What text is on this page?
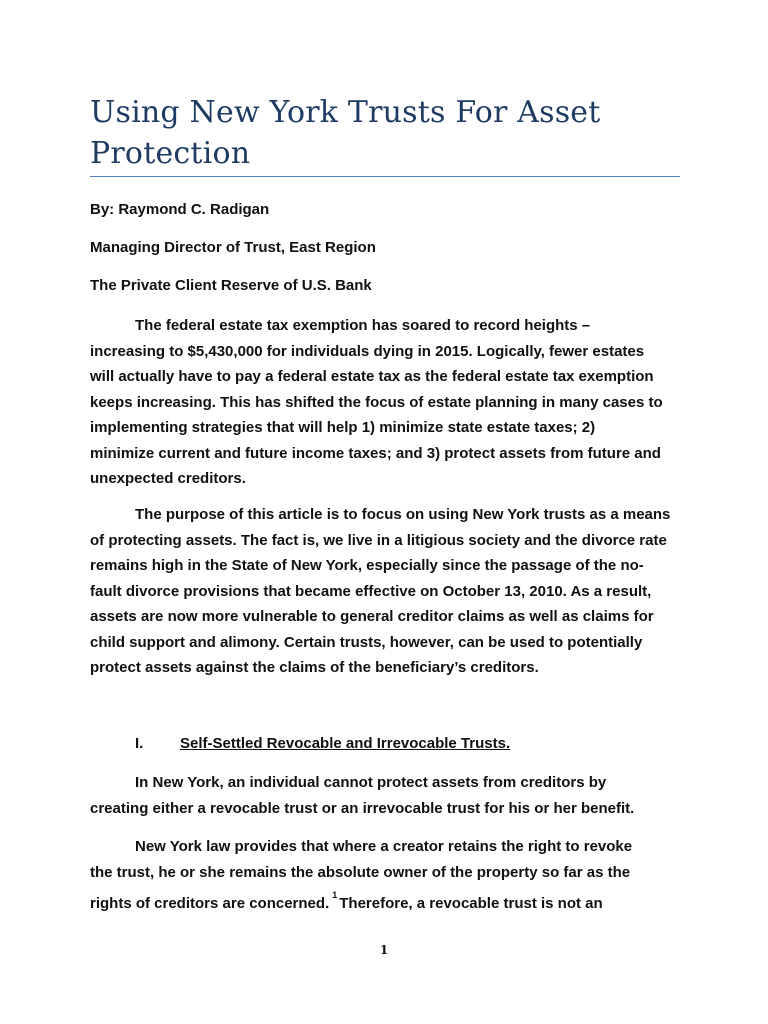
Using New York Trusts For Asset
Protection
By: Raymond C. Radigan
Managing Director of Trust, East Region
The Private Client Reserve of U.S. Bank
The federal estate tax exemption has soared to record heights –
increasing to $5,430,000 for individuals dying in 2015. Logically, fewer estates
will actually have to pay a federal estate tax as the federal estate tax exemption
keeps increasing. This has shifted the focus of estate planning in many cases to
implementing strategies that will help 1) minimize state estate taxes; 2)
minimize current and future income taxes; and 3) protect assets from future and
unexpected creditors.
The purpose of this article is to focus on using New York trusts as a means
of protecting assets. The fact is, we live in a litigious society and the divorce rate
remains high in the State of New York, especially since the passage of the no-
fault divorce provisions that became effective on October 13, 2010. As a result,
assets are now more vulnerable to general creditor claims as well as claims for
child support and alimony. Certain trusts, however, can be used to potentially
protect assets against the claims of the beneficiary’s creditors.
I. Self-Settled Revocable and Irrevocable Trusts.
In New York, an individual cannot protect assets from creditors by
creating either a revocable trust or an irrevocable trust for his or her benefit.
New York law provides that where a creator retains the right to revoke
the trust, he or she remains the absolute owner of the property so far as the
rights of creditors are concerned. $^1$ Therefore, a revocable trust is not an
1
